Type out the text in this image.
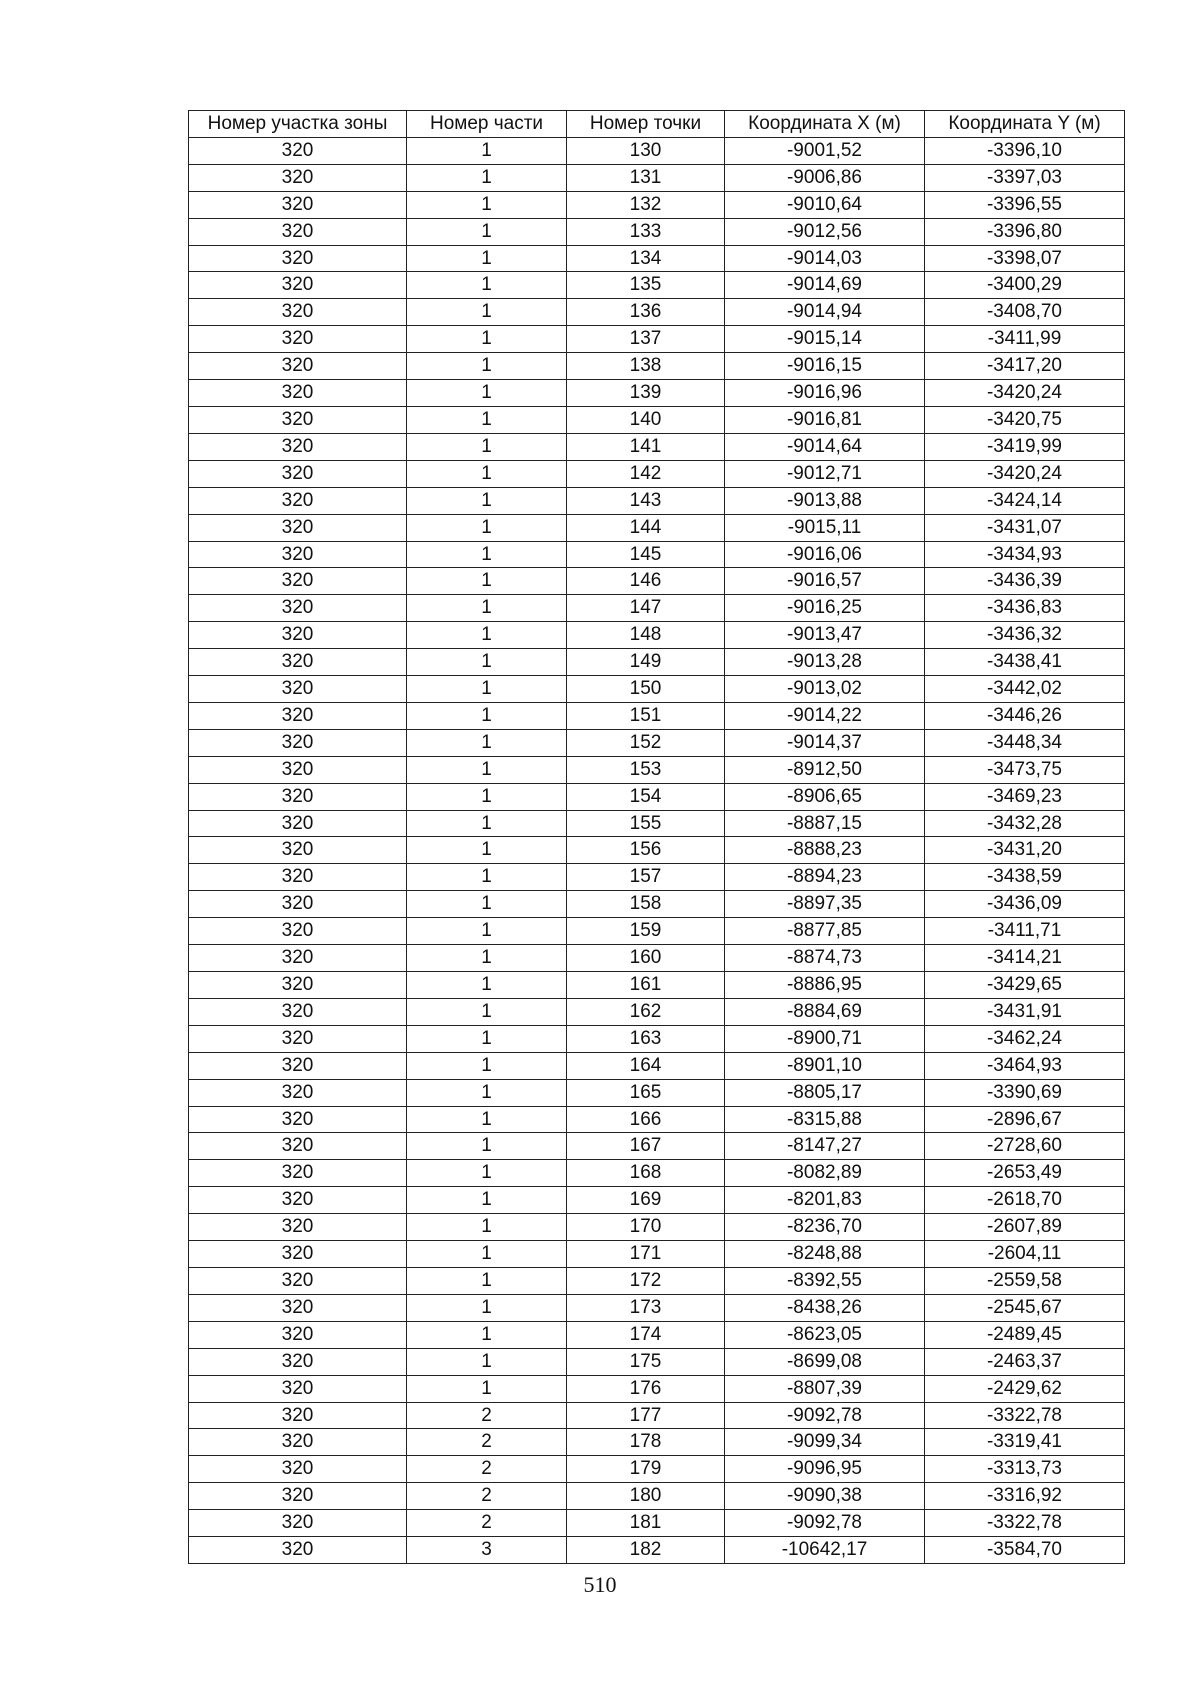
Номер участка зоны	Номер части	Номер точки	Координата X (м)	Координата Y (м)
320	1	130	-9001,52	-3396,10
320	1	131	-9006,86	-3397,03
320	1	132	-9010,64	-3396,55
320	1	133	-9012,56	-3396,80
320	1	134	-9014,03	-3398,07
320	1	135	-9014,69	-3400,29
320	1	136	-9014,94	-3408,70
320	1	137	-9015,14	-3411,99
320	1	138	-9016,15	-3417,20
320	1	139	-9016,96	-3420,24
320	1	140	-9016,81	-3420,75
320	1	141	-9014,64	-3419,99
320	1	142	-9012,71	-3420,24
320	1	143	-9013,88	-3424,14
320	1	144	-9015,11	-3431,07
320	1	145	-9016,06	-3434,93
320	1	146	-9016,57	-3436,39
320	1	147	-9016,25	-3436,83
320	1	148	-9013,47	-3436,32
320	1	149	-9013,28	-3438,41
320	1	150	-9013,02	-3442,02
320	1	151	-9014,22	-3446,26
320	1	152	-9014,37	-3448,34
320	1	153	-8912,50	-3473,75
320	1	154	-8906,65	-3469,23
320	1	155	-8887,15	-3432,28
320	1	156	-8888,23	-3431,20
320	1	157	-8894,23	-3438,59
320	1	158	-8897,35	-3436,09
320	1	159	-8877,85	-3411,71
320	1	160	-8874,73	-3414,21
320	1	161	-8886,95	-3429,65
320	1	162	-8884,69	-3431,91
320	1	163	-8900,71	-3462,24
320	1	164	-8901,10	-3464,93
320	1	165	-8805,17	-3390,69
320	1	166	-8315,88	-2896,67
320	1	167	-8147,27	-2728,60
320	1	168	-8082,89	-2653,49
320	1	169	-8201,83	-2618,70
320	1	170	-8236,70	-2607,89
320	1	171	-8248,88	-2604,11
320	1	172	-8392,55	-2559,58
320	1	173	-8438,26	-2545,67
320	1	174	-8623,05	-2489,45
320	1	175	-8699,08	-2463,37
320	1	176	-8807,39	-2429,62
320	2	177	-9092,78	-3322,78
320	2	178	-9099,34	-3319,41
320	2	179	-9096,95	-3313,73
320	2	180	-9090,38	-3316,92
320	2	181	-9092,78	-3322,78
320	3	182	-10642,17	-3584,70
510
